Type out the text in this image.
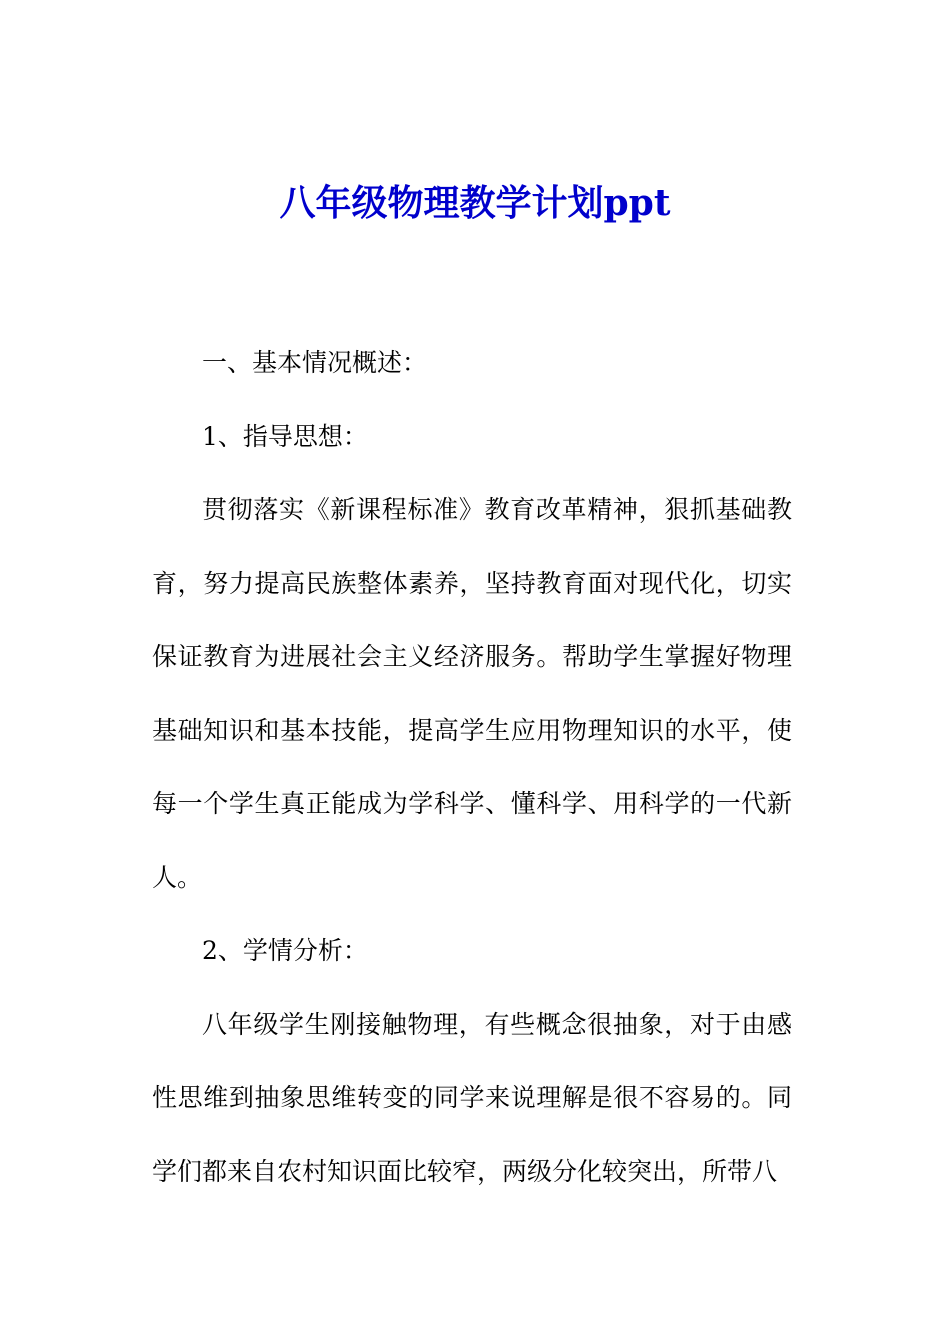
八年级物理教学计划ppt

一、基本情况概述：

1、指导思想：

贯彻落实《新课程标准》教育改革精神，狠抓基础教育，努力提高民族整体素养，坚持教育面对现代化，切实保证教育为进展社会主义经济服务。帮助学生掌握好物理基础知识和基本技能，提高学生应用物理知识的水平，使每一个学生真正能成为学科学、懂科学、用科学的一代新人。

2、学情分析：

八年级学生刚接触物理，有些概念很抽象，对于由感性思维到抽象思维转变的同学来说理解是很不容易的。同学们都来自农村知识面比较窄，两级分化较突出，所带八
